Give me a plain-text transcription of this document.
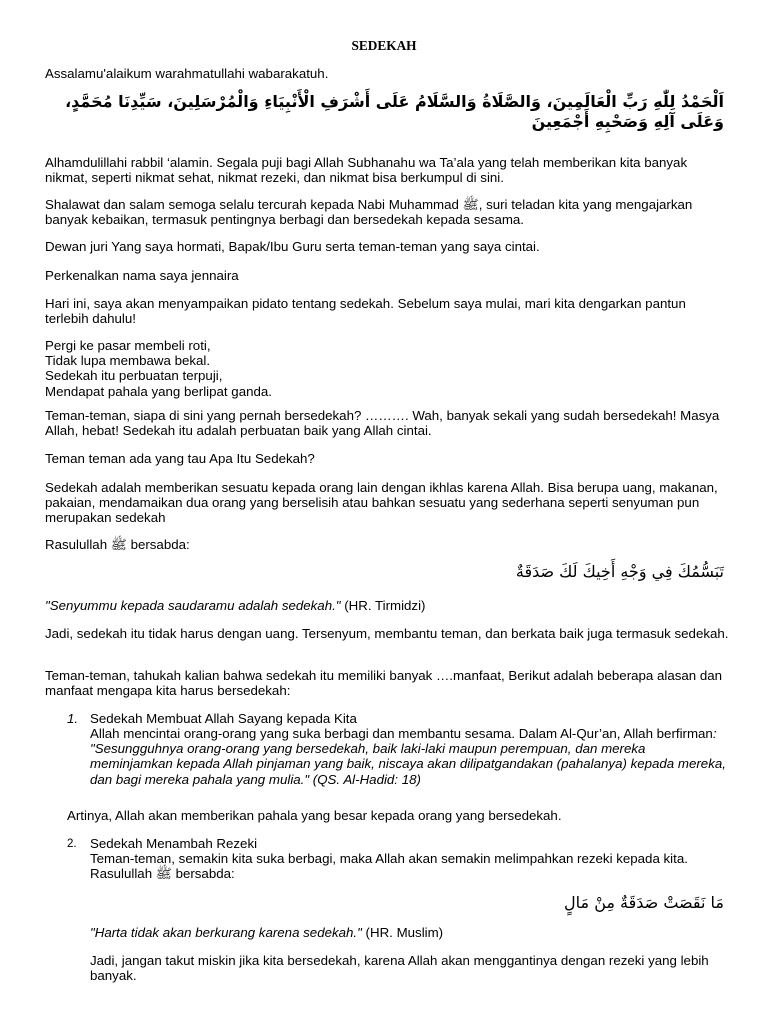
SEDEKAH

Assalamu'alaikum warahmatullahi wabarakatuh.

اَلْحَمْدُ لِلّٰهِ رَبِّ الْعَالَمِينَ، وَالصَّلَاةُ وَالسَّلَامُ عَلَى أَشْرَفِ الْأَنْبِيَاءِ وَالْمُرْسَلِينَ، سَيِّدِنَا مُحَمَّدٍ، وَعَلَى آلِهِ وَصَحْبِهِ أَجْمَعِينَ

Alhamdulillahi rabbil ‘alamin. Segala puji bagi Allah Subhanahu wa Ta’ala yang telah memberikan kita banyak nikmat, seperti nikmat sehat, nikmat rezeki, dan nikmat bisa berkumpul di sini.

Shalawat dan salam semoga selalu tercurah kepada Nabi Muhammad ﷺ, suri teladan kita yang mengajarkan banyak kebaikan, termasuk pentingnya berbagi dan bersedekah kepada sesama.

Dewan juri Yang saya hormati, Bapak/Ibu Guru serta teman-teman yang saya cintai.

Perkenalkan nama saya jennaira

Hari ini, saya akan menyampaikan pidato tentang sedekah. Sebelum saya mulai, mari kita dengarkan pantun terlebih dahulu!

Pergi ke pasar membeli roti,
Tidak lupa membawa bekal.
Sedekah itu perbuatan terpuji,
Mendapat pahala yang berlipat ganda.

Teman-teman, siapa di sini yang pernah bersedekah? ………. Wah, banyak sekali yang sudah bersedekah! Masya Allah, hebat! Sedekah itu adalah perbuatan baik yang Allah cintai.

Teman teman ada yang tau Apa Itu Sedekah?

Sedekah adalah memberikan sesuatu kepada orang lain dengan ikhlas karena Allah. Bisa berupa uang, makanan, pakaian, mendamaikan dua orang yang berselisih atau bahkan sesuatu yang sederhana seperti senyuman pun merupakan sedekah

Rasulullah ﷺ bersabda:

تَبَسُّمُكَ فِي وَجْهِ أَخِيكَ لَكَ صَدَقَةٌ

"Senyummu kepada saudaramu adalah sedekah." (HR. Tirmidzi)

Jadi, sedekah itu tidak harus dengan uang. Tersenyum, membantu teman, dan berkata baik juga termasuk sedekah.

Teman-teman, tahukah kalian bahwa sedekah itu memiliki banyak ….manfaat, Berikut adalah beberapa alasan dan manfaat mengapa kita harus bersedekah:

1. Sedekah Membuat Allah Sayang kepada Kita

Allah mencintai orang-orang yang suka berbagi dan membantu sesama. Dalam Al-Qur’an, Allah berfirman: "Sesungguhnya orang-orang yang bersedekah, baik laki-laki maupun perempuan, dan mereka meminjamkan kepada Allah pinjaman yang baik, niscaya akan dilipatgandakan (pahalanya) kepada mereka, dan bagi mereka pahala yang mulia." (QS. Al-Hadid: 18)

Artinya, Allah akan memberikan pahala yang besar kepada orang yang bersedekah.

2. Sedekah Menambah Rezeki

Teman-teman, semakin kita suka berbagi, maka Allah akan semakin melimpahkan rezeki kepada kita. Rasulullah ﷺ bersabda:

مَا نَقَصَتْ صَدَقَةٌ مِنْ مَالٍ

"Harta tidak akan berkurang karena sedekah." (HR. Muslim)

Jadi, jangan takut miskin jika kita bersedekah, karena Allah akan menggantinya dengan rezeki yang lebih banyak.
